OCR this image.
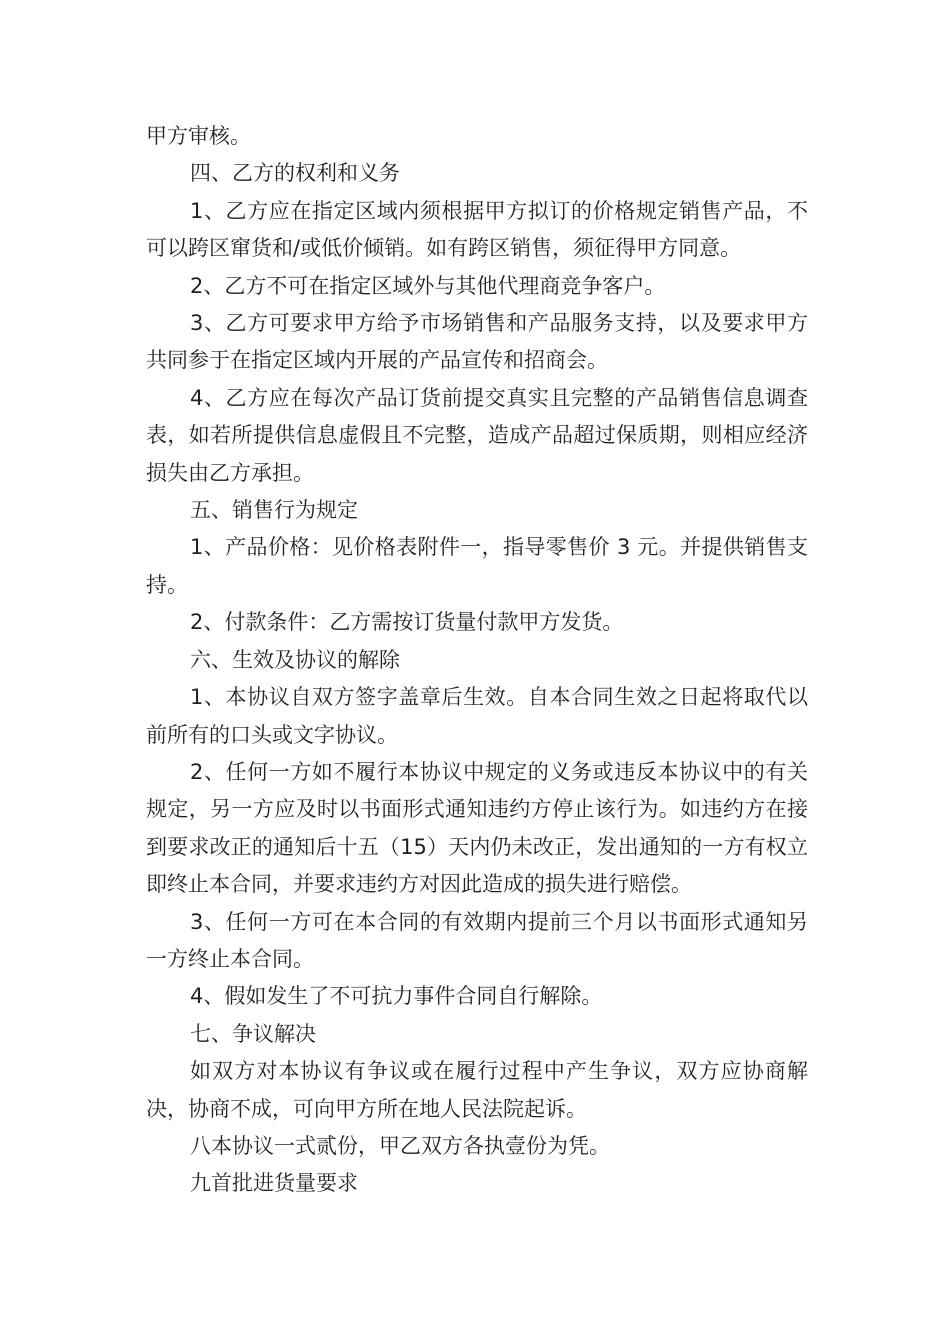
甲方审核。

四、乙方的权利和义务

1、乙方应在指定区域内须根据甲方拟订的价格规定销售产品，不可以跨区窜货和/或低价倾销。如有跨区销售，须征得甲方同意。

2、乙方不可在指定区域外与其他代理商竞争客户。

3、乙方可要求甲方给予市场销售和产品服务支持，以及要求甲方共同参于在指定区域内开展的产品宣传和招商会。

4、乙方应在每次产品订货前提交真实且完整的产品销售信息调查表，如若所提供信息虚假且不完整，造成产品超过保质期，则相应经济损失由乙方承担。

五、销售行为规定

1、产品价格：见价格表附件一，指导零售价 3 元。并提供销售支持。

2、付款条件：乙方需按订货量付款甲方发货。

六、生效及协议的解除

1、本协议自双方签字盖章后生效。自本合同生效之日起将取代以前所有的口头或文字协议。

2、任何一方如不履行本协议中规定的义务或违反本协议中的有关规定，另一方应及时以书面形式通知违约方停止该行为。如违约方在接到要求改正的通知后十五（15）天内仍未改正，发出通知的一方有权立即终止本合同，并要求违约方对因此造成的损失进行赔偿。

3、任何一方可在本合同的有效期内提前三个月以书面形式通知另一方终止本合同。

4、假如发生了不可抗力事件合同自行解除。

七、争议解决

如双方对本协议有争议或在履行过程中产生争议，双方应协商解决，协商不成，可向甲方所在地人民法院起诉。

八本协议一式贰份，甲乙双方各执壹份为凭。

九首批进货量要求
